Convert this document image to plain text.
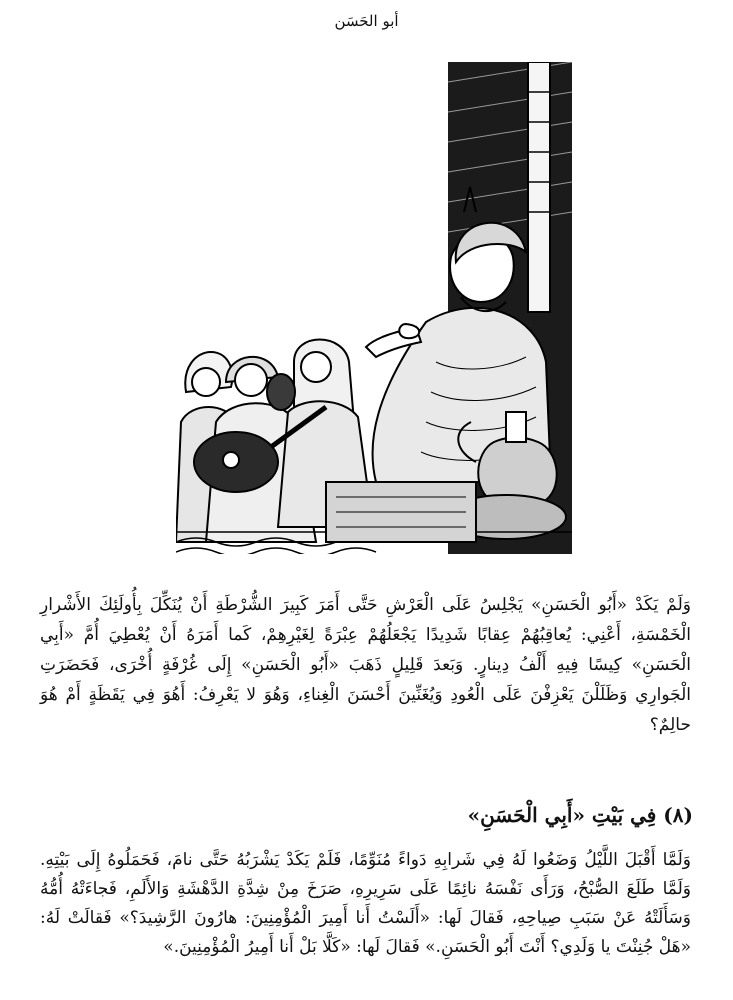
أبو الحَسَن

وَلَمْ يَكَدْ «أَبُو الْحَسَنِ» يَجْلِسُ عَلَى الْعَرْشِ حَتَّى أَمَرَ كَبِيرَ الشُّرْطَةِ أَنْ يُنَكِّلَ بِأُولَئِكَ الأَشْرارِ الْخَمْسَةِ، أَعْنِي: يُعاقِبُهُمْ عِقابًا شَدِيدًا يَجْعَلُهُمْ عِبْرَةً لِغَيْرِهِمْ، كَما أَمَرَهُ أَنْ يُعْطِيَ أُمَّ «أَبِي الْحَسَنِ» كِيسًا فِيهِ أَلْفُ دِينارٍ. وَبَعدَ قَلِيلٍ ذَهَبَ «أَبُو الْحَسَنِ» إِلَى غُرْفَةٍ أُخْرَى، فَحَضَرَتِ الْجَوارِي وَظَلَلْنَ يَعْزِفْنَ عَلَى الْعُودِ وَيُغَنِّينَ أَحْسَنَ الْغِناءِ، وَهُوَ لا يَعْرِفُ: أَهُوَ فِي يَقَظَةٍ أَمْ هُوَ حالِمٌ؟

(٨) فِي بَيْتِ «أَبِي الْحَسَنِ»

وَلَمَّا أَقْبَلَ اللَّيْلُ وَضَعُوا لَهُ فِي شَرابِهِ دَواءً مُنَوِّمًا، فَلَمْ يَكَدْ يَشْرَبُهُ حَتَّى نامَ، فَحَمَلُوهُ إِلَى بَيْتِهِ. وَلَمَّا طَلَعَ الصُّبْحُ، وَرَأَى نَفْسَهُ نائِمًا عَلَى سَرِيرِهِ، صَرَخَ مِنْ شِدَّةِ الدَّهْشَةِ وَالأَلَمِ، فَجاءَتْهُ أُمُّهُ وَسَأَلَتْهُ عَنْ سَبَبِ صِياحِهِ، فَقالَ لَها: «أَلَسْتُ أَنا أَمِيرَ الْمُؤْمِنِينَ: هارُونَ الرَّشِيدَ؟» فَقالَتْ لَهُ: «هَلْ جُنِنْتَ يا وَلَدِي؟ أَنْتَ أَبُو الْحَسَنِ.» فَقالَ لَها: «كَلَّا بَلْ أَنا أَمِيرُ الْمُؤْمِنِينَ.»
